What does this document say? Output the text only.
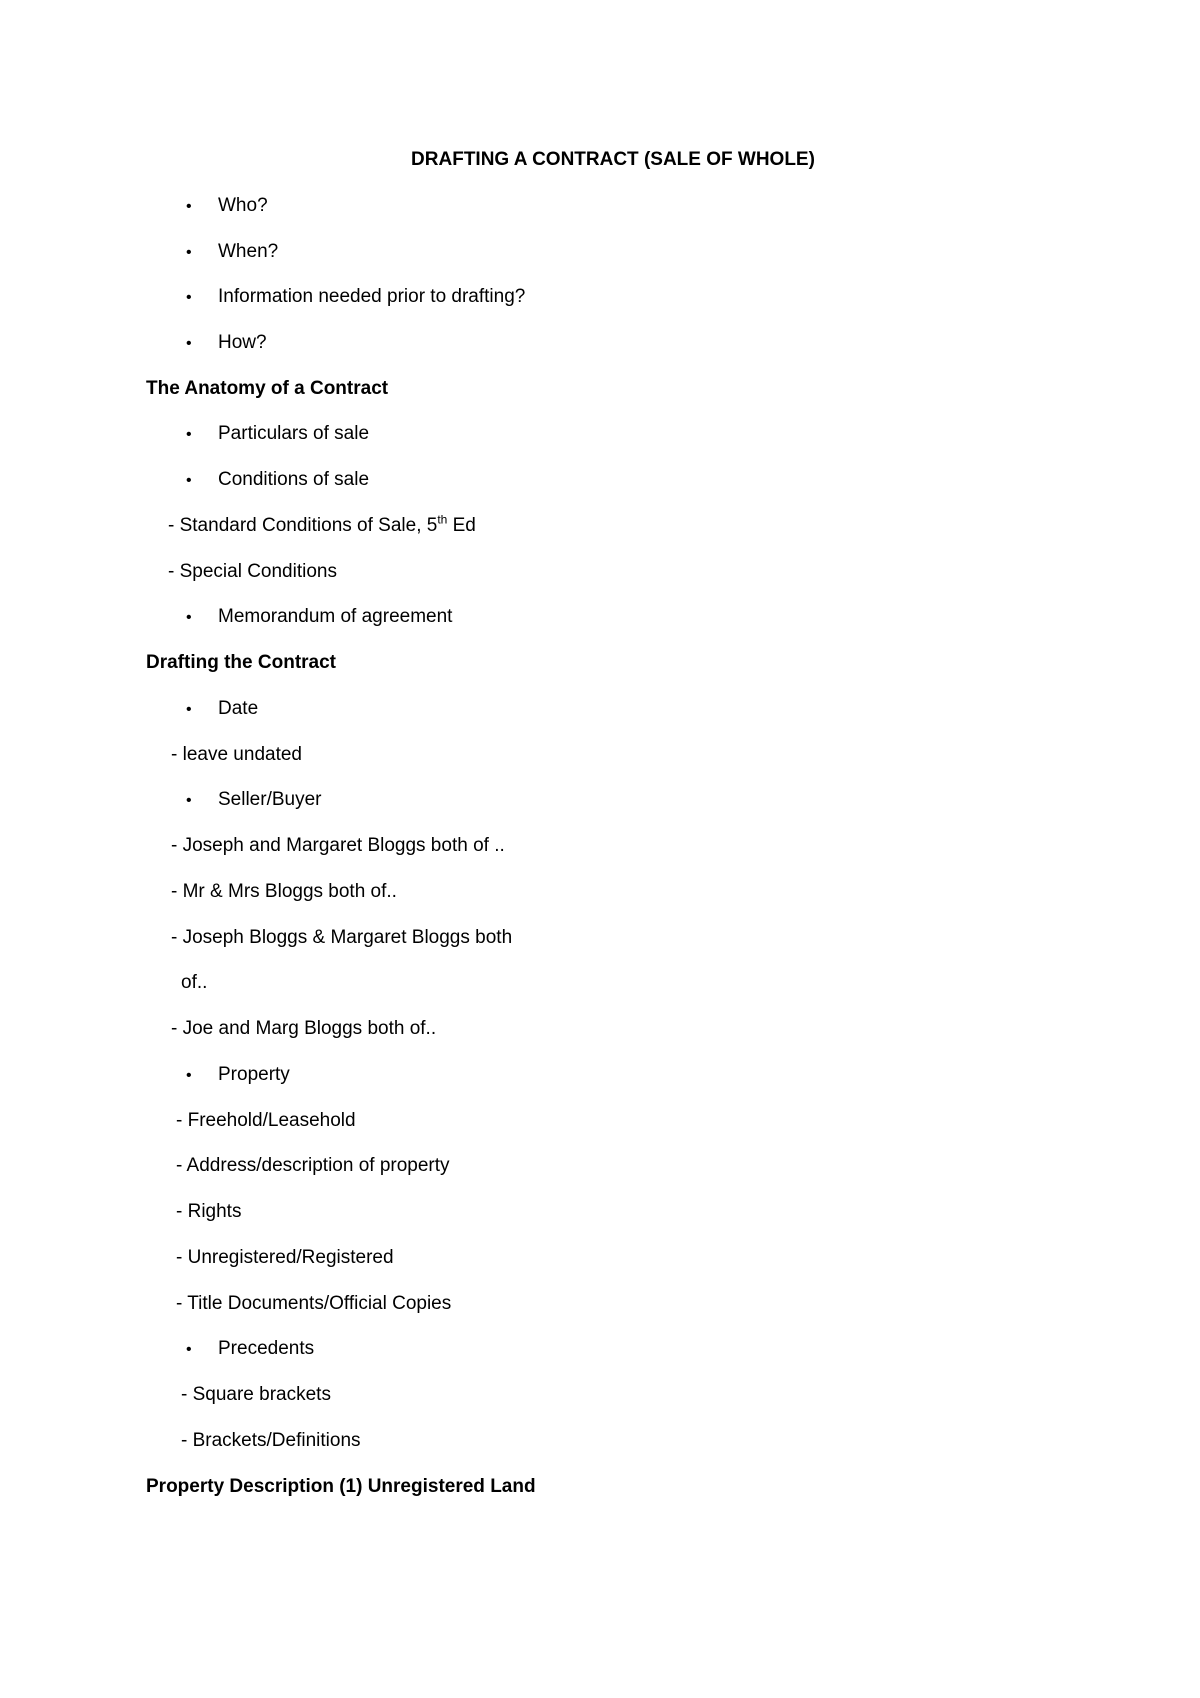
DRAFTING A CONTRACT (SALE OF WHOLE)
• Who?
• When?
• Information needed prior to drafting?
• How?
The Anatomy of a Contract
• Particulars of sale
• Conditions of sale
- Standard Conditions of Sale, 5th Ed
- Special Conditions
• Memorandum of agreement
Drafting the Contract
• Date
- leave undated
• Seller/Buyer
- Joseph and Margaret Bloggs both of ..
- Mr & Mrs Bloggs both of..
- Joseph Bloggs & Margaret Bloggs both
of..
- Joe and Marg Bloggs both of..
• Property
- Freehold/Leasehold
- Address/description of property
- Rights
- Unregistered/Registered
- Title Documents/Official Copies
• Precedents
- Square brackets
- Brackets/Definitions
Property Description (1) Unregistered Land
